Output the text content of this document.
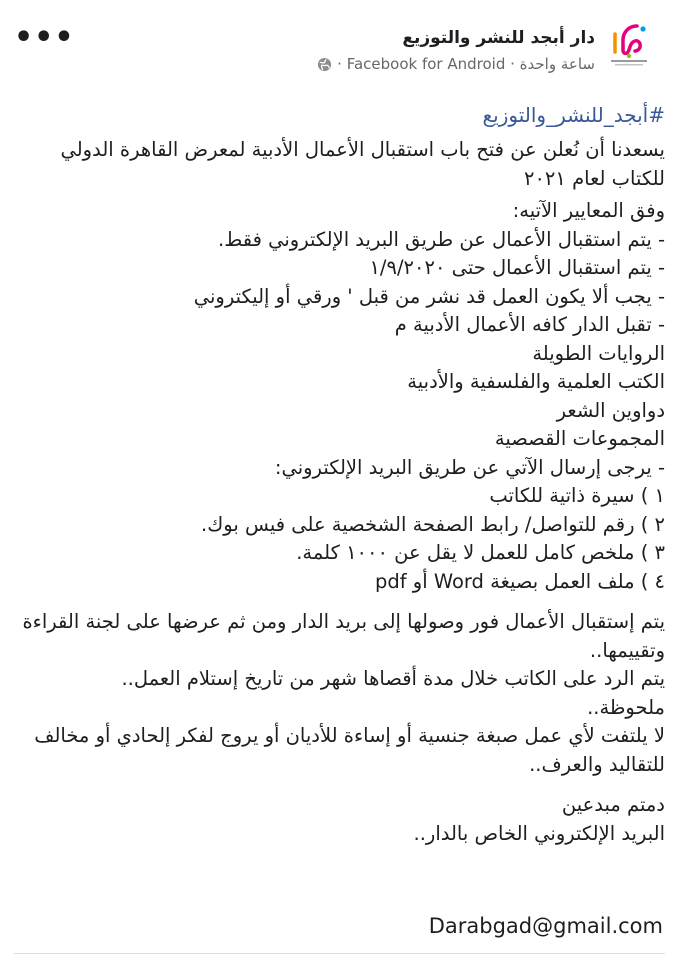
•••	دار أبجد للنشر والتوزيع
ساعة واحدة · Facebook for Android ·

#أبجد_للنشر_والتوزيع

يسعدنا أن نُعلن عن فتح باب استقبال الأعمال الأدبية لمعرض القاهرة الدولي للكتاب لعام ٢٠٢١

وفق المعايير الآتيه:

- يتم استقبال الأعمال عن طريق البريد الإلكتروني فقط.

- يتم استقبال الأعمال حتى ١/٩/٢٠٢٠

- يجب ألا يكون العمل قد نشر من قبل ' ورقي أو إليكتروني

- تقبل الدار كافه الأعمال الأدبية م

الروايات الطويلة

الكتب العلمية والفلسفية والأدبية

دواوين الشعر

المجموعات القصصية

- يرجى إرسال الآتي عن طريق البريد الإلكتروني:

١ ) سيرة ذاتية للكاتب

٢ ) رقم للتواصل/ رابط الصفحة الشخصية على فيس بوك.

٣ ) ملخص كامل للعمل لا يقل عن ١٠٠٠ كلمة.

٤ ) ملف العمل بصيغة Word أو pdf

يتم إستقبال الأعمال فور وصولها إلى بريد الدار ومن ثم عرضها على لجنة القراءة وتقييمها..

يتم الرد على الكاتب خلال مدة أقصاها شهر من تاريخ إستلام العمل..

ملحوظة..

لا يلتفت لأي عمل صبغة جنسية أو إساءة للأديان أو يروج لفكر إلحادي أو مخالف للتقاليد والعرف..

دمتم مبدعين

البريد الإلكتروني الخاص بالدار..

Darabgad@gmail.com
